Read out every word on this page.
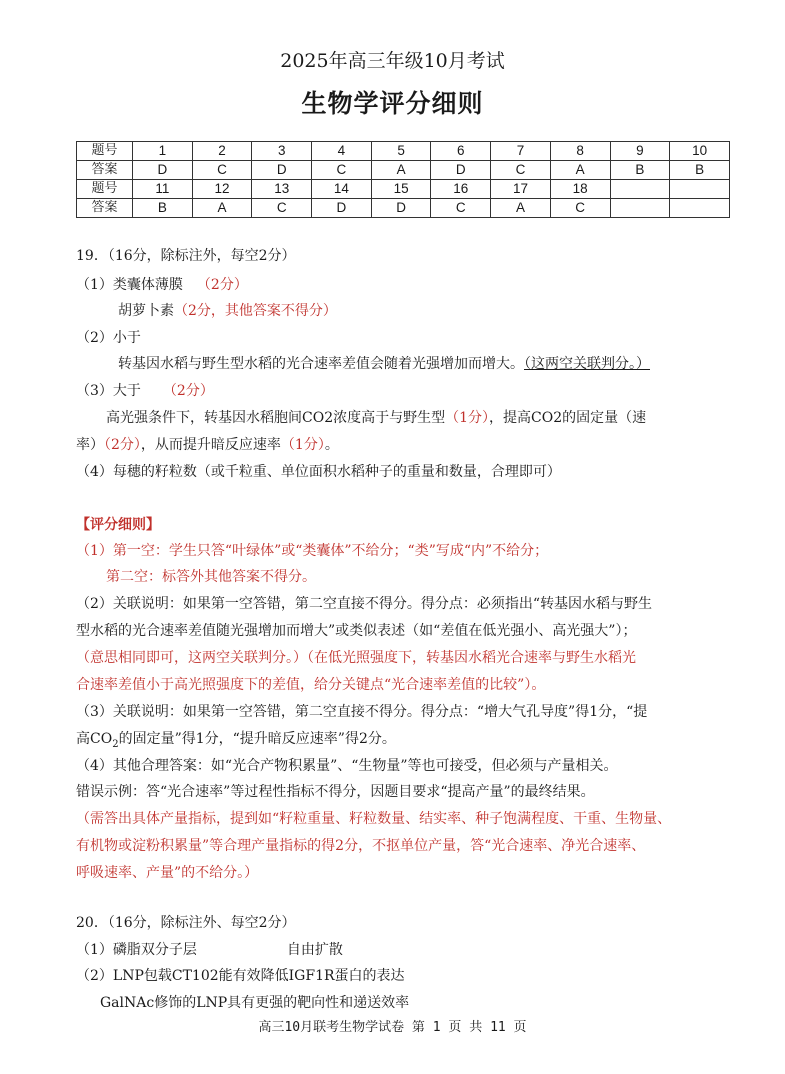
2025年高三年级10月考试
生物学评分细则
题号	1	2	3	4	5	6	7	8	9	10
答案	D	C	D	C	A	D	C	A	B	B
题号	11	12	13	14	15	16	17	18		
答案	B	A	C	D	D	C	A	C		
19．（16分，除标注外，每空2分）
（1）类囊体薄膜 （2分）
胡萝卜素（2分，其他答案不得分）
（2）小于
转基因水稻与野生型水稻的光合速率差值会随着光强增加而增大。（这两空关联判分。）
（3）大于 （2分）
高光强条件下，转基因水稻胞间CO2浓度高于与野生型（1分），提高CO2的固定量（速
率）（2分），从而提升暗反应速率（1分）。
（4）每穗的籽粒数（或千粒重、单位面积水稻种子的重量和数量，合理即可）
【评分细则】
（1）第一空：学生只答“叶绿体”或“类囊体”不给分；“类”写成“内”不给分；
第二空：标答外其他答案不得分。
（2）关联说明：如果第一空答错，第二空直接不得分。得分点：必须指出“转基因水稻与野生
型水稻的光合速率差值随光强增加而增大”或类似表述（如“差值在低光强小、高光强大”）；
（意思相同即可，这两空关联判分。）（在低光照强度下，转基因水稻光合速率与野生水稻光
合速率差值小于高光照强度下的差值，给分关键点“光合速率差值的比较”）。
（3）关联说明：如果第一空答错，第二空直接不得分。得分点：“增大气孔导度”得1分，“提
高$CO_2$的固定量”得1分，“提升暗反应速率”得2分。
（4）其他合理答案：如“光合产物积累量”、“生物量”等也可接受，但必须与产量相关。
错误示例：答“光合速率”等过程性指标不得分，因题目要求“提高产量”的最终结果。
（需答出具体产量指标，提到如“籽粒重量、籽粒数量、结实率、种子饱满程度、干重、生物量、
有机物或淀粉积累量”等合理产量指标的得2分，不抠单位产量，答“光合速率、净光合速率、
呼吸速率、产量”的不给分。）
20．（16分，除标注外、每空2分）
（1）磷脂双分子层	自由扩散
（2）LNP包载CT102能有效降低IGF1R蛋白的表达
GalNAc修饰的LNP具有更强的靶向性和递送效率
高三10月联考生物学试卷 第 1 页 共 11 页
